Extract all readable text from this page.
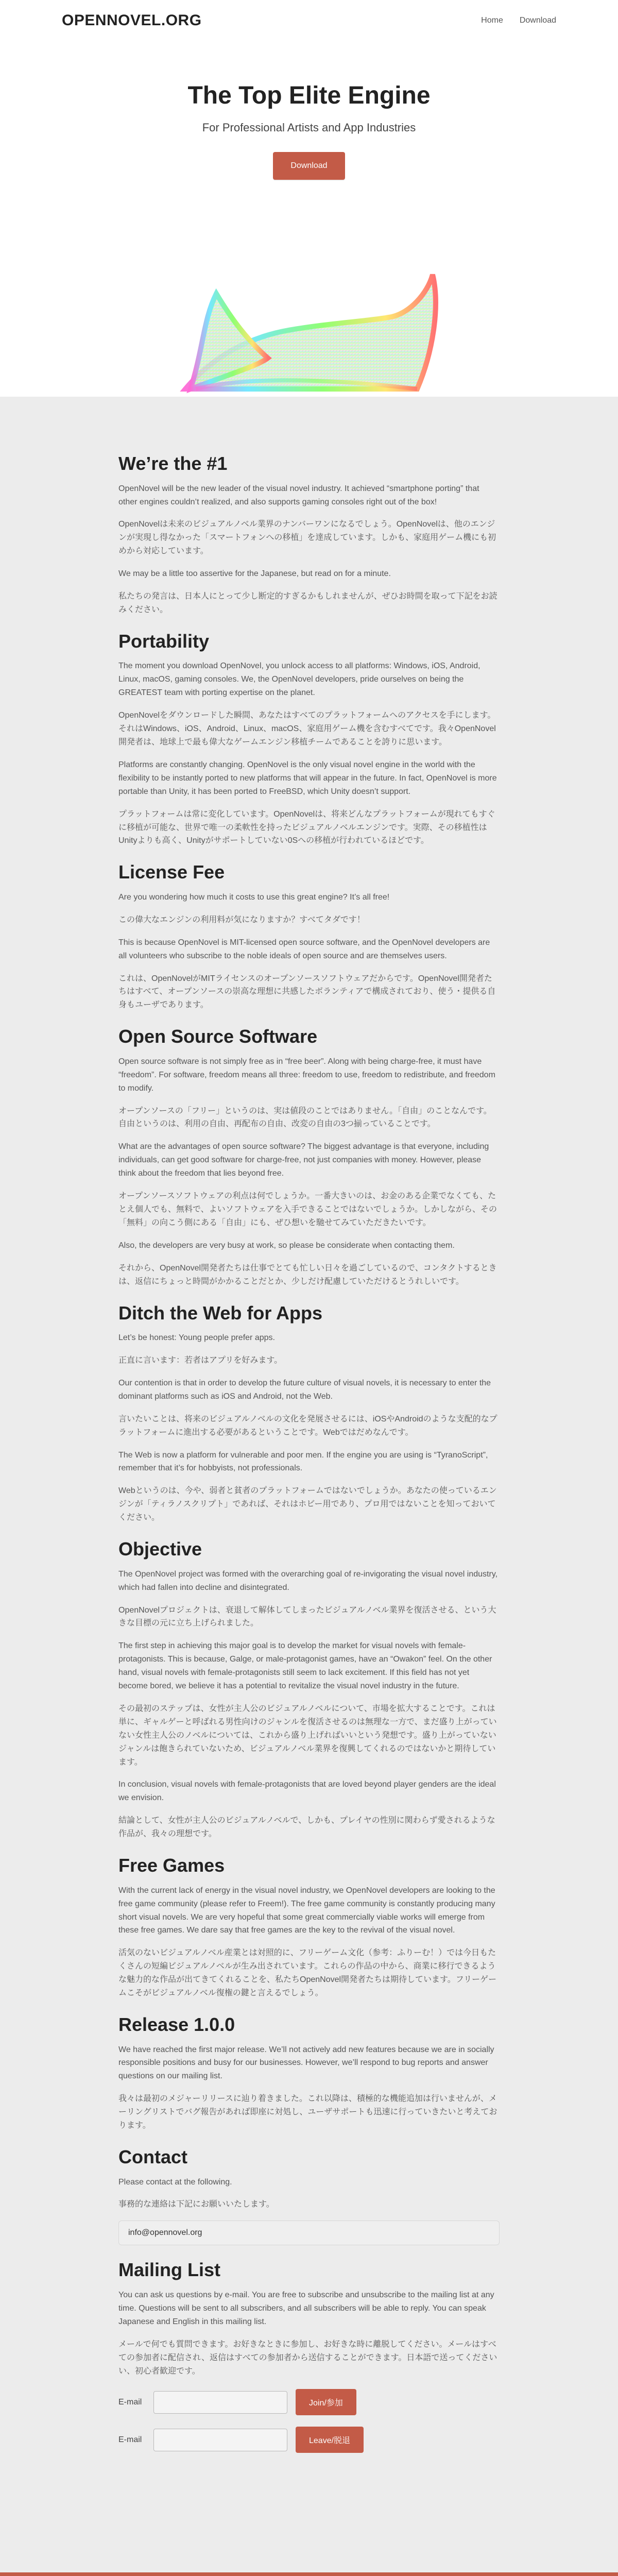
OPENNOVEL.ORG	Home Download
The Top Elite Engine
For Professional Artists and App Industries
Download
We’re the #1

OpenNovel will be the new leader of the visual novel industry. It achieved “smartphone porting” that other engines couldn’t realized, and also supports gaming consoles right out of the box!

OpenNovelは未来のビジュアルノベル業界のナンバーワンになるでしょう。OpenNovelは、他のエンジンが実現し得なかった「スマートフォンへの移植」を達成しています。しかも、家庭用ゲーム機にも初めから対応しています。

We may be a little too assertive for the Japanese, but read on for a minute.

私たちの発言は、日本人にとって少し断定的すぎるかもしれませんが、ぜひお時間を取って下記をお読みください。

Portability

The moment you download OpenNovel, you unlock access to all platforms: Windows, iOS, Android, Linux, macOS, gaming consoles. We, the OpenNovel developers, pride ourselves on being the GREATEST team with porting expertise on the planet.

OpenNovelをダウンロードした瞬間、あなたはすべてのプラットフォームへのアクセスを手にします。それはWindows、iOS、Android、Linux、macOS、家庭用ゲーム機を含むすべてです。我々OpenNovel開発者は、地球上で最も偉大なゲームエンジン移植チームであることを誇りに思います。

Platforms are constantly changing. OpenNovel is the only visual novel engine in the world with the flexibility to be instantly ported to new platforms that will appear in the future. In fact, OpenNovel is more portable than Unity, it has been ported to FreeBSD, which Unity doesn’t support.

プラットフォームは常に変化しています。OpenNovelは、将来どんなプラットフォームが現れてもすぐに移植が可能な、世界で唯一の柔軟性を持ったビジュアルノベルエンジンです。実際、その移植性はUnityよりも高く、Unityがサポートしていない0Sへの移植が行われているほどです。

License Fee

Are you wondering how much it costs to use this great engine? It’s all free!

この偉大なエンジンの利用料が気になりますか？すべてタダです！

This is because OpenNovel is MIT-licensed open source software, and the OpenNovel developers are all volunteers who subscribe to the noble ideals of open source and are themselves users.

これは、OpenNovelがMITライセンスのオープンソースソフトウェアだからです。OpenNovel開発者たちはすべて、オープンソースの崇高な理想に共感したボランティアで構成されており、使う・提供る自身もユーザであります。

Open Source Software

Open source software is not simply free as in “free beer”. Along with being charge-free, it must have “freedom”. For software, freedom means all three: freedom to use, freedom to redistribute, and freedom to modify.

オープンソースの「フリー」というのは、実は値段のことではありません。「自由」のことなんです。自由というのは、利用の自由、再配布の自由、改変の自由の3つ揃っていることです。

What are the advantages of open source software? The biggest advantage is that everyone, including individuals, can get good software for charge-free, not just companies with money. However, please think about the freedom that lies beyond free.

オープンソースソフトウェアの利点は何でしょうか。一番大きいのは、お金のある企業でなくても、たとえ個人でも、無料で、よいソフトウェアを入手できることではないでしょうか。しかしながら、その「無料」の向こう側にある「自由」にも、ぜひ想いを馳せてみていただきたいです。

Also, the developers are very busy at work, so please be considerate when contacting them.

それから、OpenNovel開発者たちは仕事でとても忙しい日々を過ごしているので、コンタクトするときは、返信にちょっと時間がかかることだとか、少しだけ配慮していただけるとうれしいです。

Ditch the Web for Apps

Let’s be honest: Young people prefer apps.

正直に言います：若者はアプリを好みます。

Our contention is that in order to develop the future culture of visual novels, it is necessary to enter the dominant platforms such as iOS and Android, not the Web.

言いたいことは、将来のビジュアルノベルの文化を発展させるには、iOSやAndroidのような支配的なプラットフォームに進出する必要があるということです。Webではだめなんです。

The Web is now a platform for vulnerable and poor men. If the engine you are using is “TyranoScript”, remember that it’s for hobbyists, not professionals.

Webというのは、今や、弱者と貧者のプラットフォームではないでしょうか。あなたの使っているエンジンが「ティラノスクリプト」であれば、それはホビー用であり、プロ用ではないことを知っておいてください。

Objective

The OpenNovel project was formed with the overarching goal of re-invigorating the visual novel industry, which had fallen into decline and disintegrated.

OpenNovelプロジェクトは、衰退して解体してしまったビジュアルノベル業界を復活させる、という大きな目標の元に立ち上げられました。

The first step in achieving this major goal is to develop the market for visual novels with female-protagonists. This is because, Galge, or male-protagonist games, have an “Owakon” feel. On the other hand, visual novels with female-protagonists still seem to lack excitement. If this field has not yet become bored, we believe it has a potential to revitalize the visual novel industry in the future.

その最初のステップは、女性が主人公のビジュアルノベルについて、市場を拡大することです。これは単に、ギャルゲーと呼ばれる男性向けのジャンルを復活させるのは無理な一方で、まだ盛り上がっていない女性主人公のノベルについては、これから盛り上げればいいという発想です。盛り上がっていないジャンルは飽きられていないため、ビジュアルノベル業界を復興してくれるのではないかと期待しています。

In conclusion, visual novels with female-protagonists that are loved beyond player genders are the ideal we envision.

結論として、女性が主人公のビジュアルノベルで、しかも、プレイヤの性別に関わらず愛されるような作品が、我々の理想です。

Free Games

With the current lack of energy in the visual novel industry, we OpenNovel developers are looking to the free game community (please refer to Freem!). The free game community is constantly producing many short visual novels. We are very hopeful that some great commercially viable works will emerge from these free games. We dare say that free games are the key to the revival of the visual novel.

活気のないビジュアルノベル産業とは対照的に、フリーゲーム文化（参考：ふりーむ！）では今日もたくさんの短編ビジュアルノベルが生み出されています。これらの作品の中から、商業に移行できるような魅力的な作品が出てきてくれることを、私たちOpenNovel開発者たちは期待しています。フリーゲームこそがビジュアルノベル復権の鍵と言えるでしょう。

Release 1.0.0

We have reached the first major release. We’ll not actively add new features because we are in socially responsible positions and busy for our businesses. However, we’ll respond to bug reports and answer questions on our mailing list.

我々は最初のメジャーリリースに辿り着きました。これ以降は、積極的な機能追加は行いませんが、メーリングリストでバグ報告があれば即座に対処し、ユーザサポートも迅速に行っていきたいと考えております。

Contact

Please contact at the following.

事務的な連絡は下記にお願いいたします。

info@opennovel.org
Mailing List

You can ask us questions by e-mail. You are free to subscribe and unsubscribe to the mailing list at any time. Questions will be sent to all subscribers, and all subscribers will be able to reply. You can speak Japanese and English in this mailing list.

メールで何でも質問できます。お好きなときに参加し、お好きな時に離脱してください。メールはすべての参加者に配信され、返信はすべての参加者から送信することができます。日本語で送ってくださいい、初心者歓迎です。

E-mail	Join/参加
E-mail	Leave/脱退
